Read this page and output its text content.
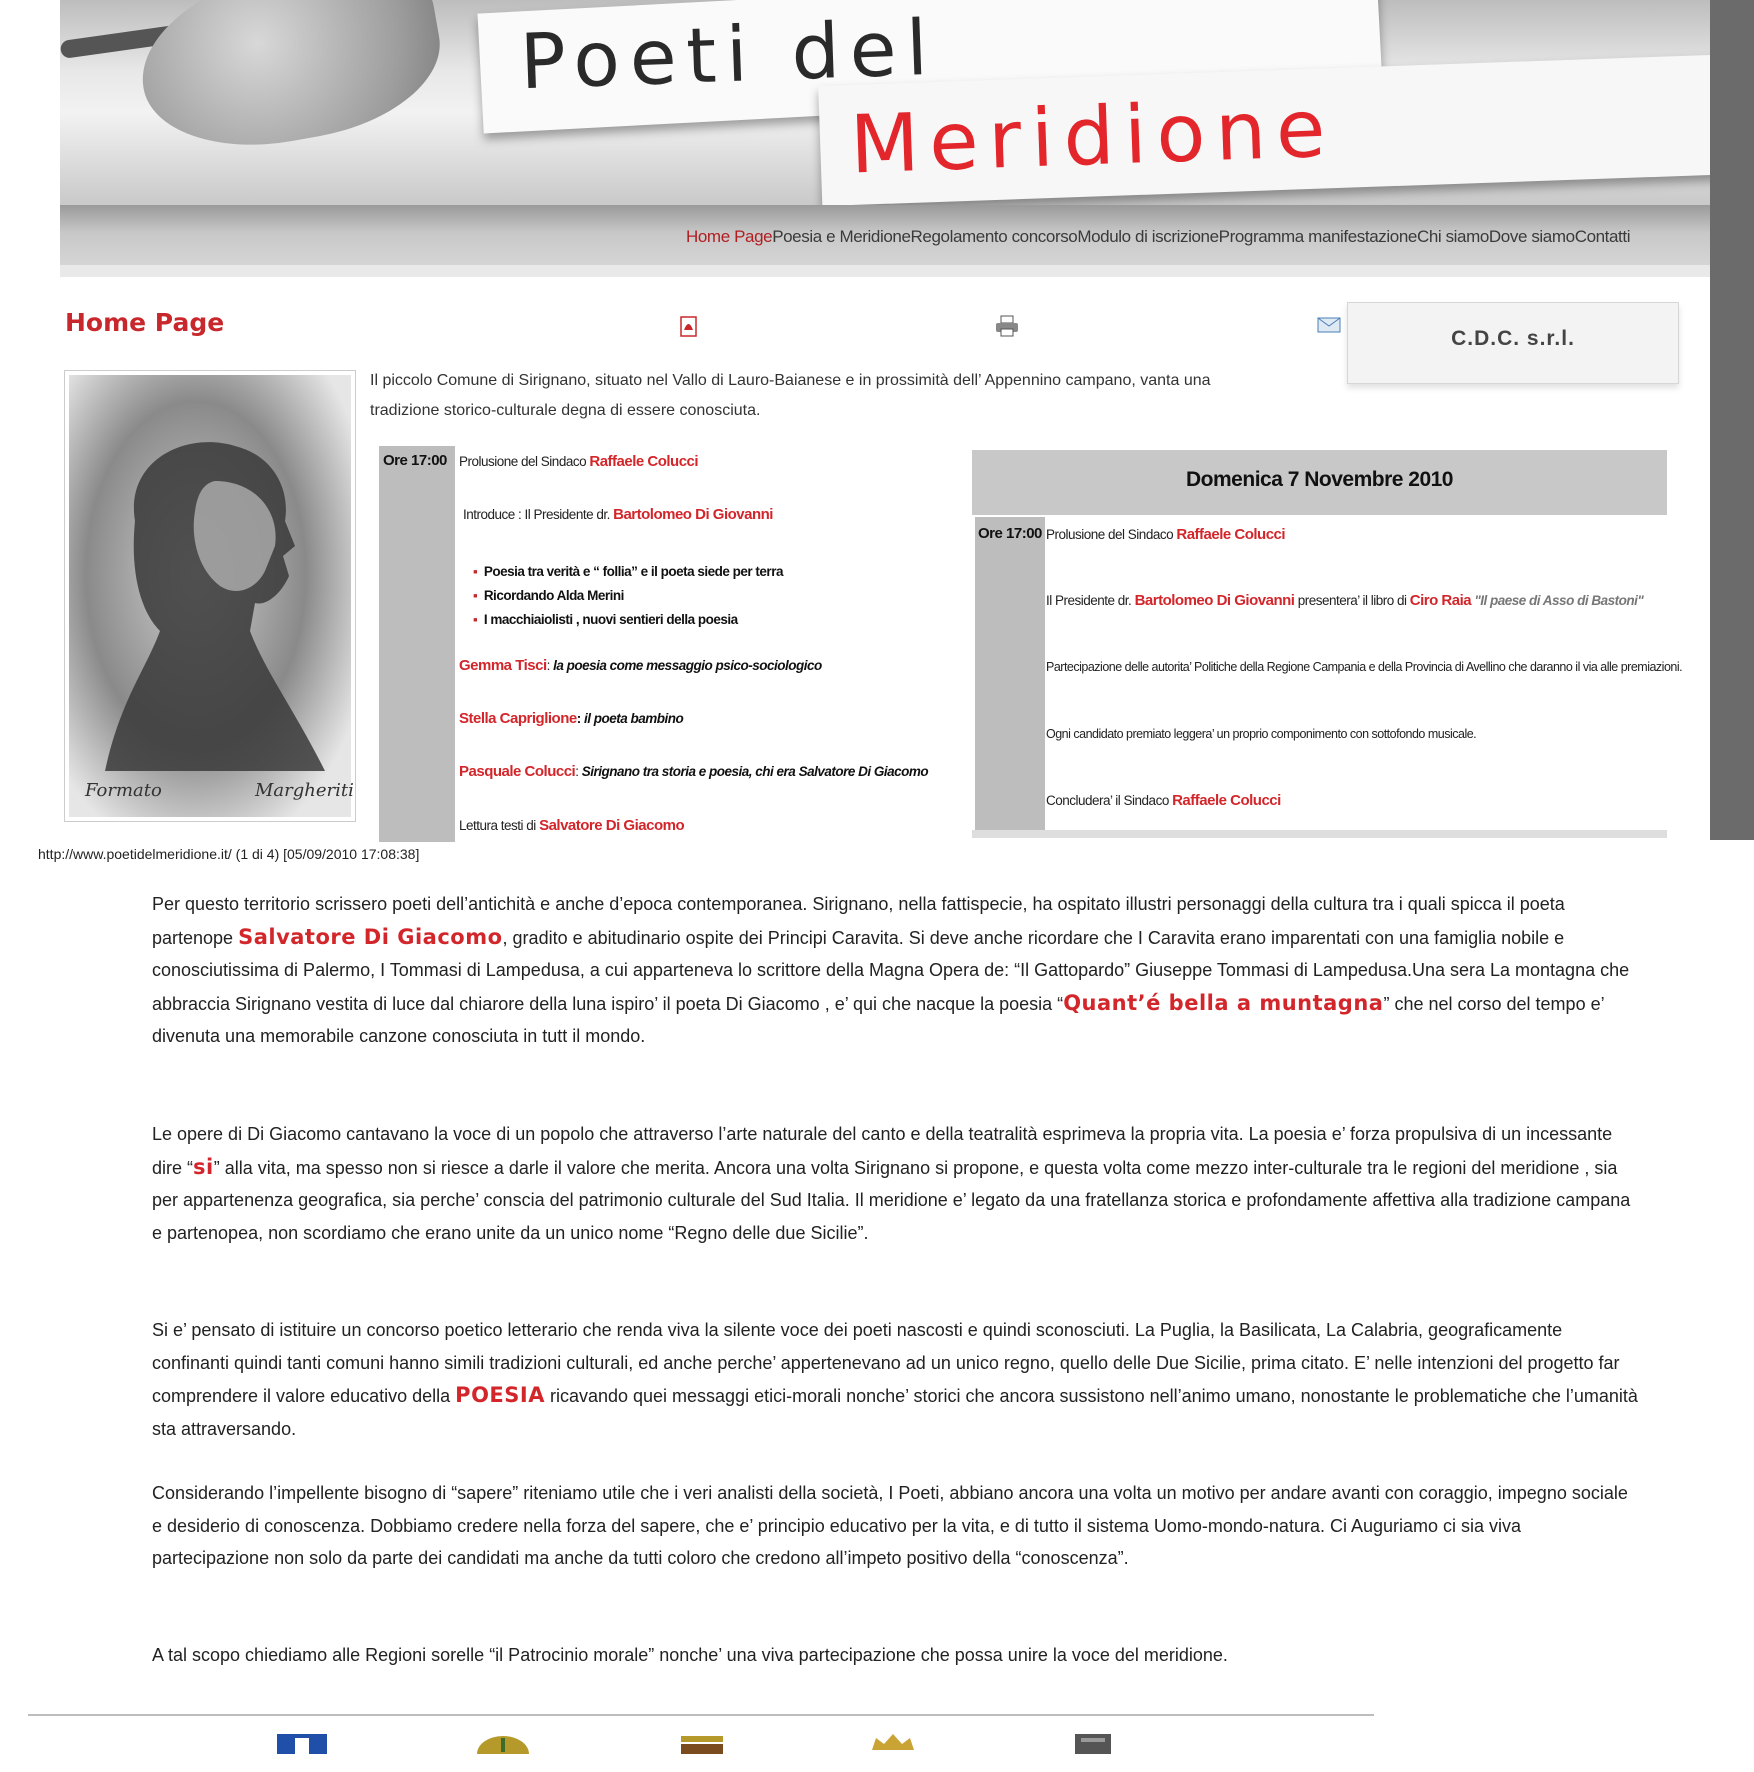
Poeti del
Meridione
Home PagePoesia e MeridioneRegolamento concorsoModulo di iscrizioneProgramma manifestazioneChi siamoDove siamoContatti
Home Page
C.D.C. s.r.l.
Formato	Margheriti
Il piccolo Comune di Sirignano, situato nel Vallo di Lauro-Baianese e in prossimità dell’ Appennino campano, vanta una tradizione storico-culturale degna di essere conosciuta.
Ore 17:00 Prolusione del Sindaco Raffaele Colucci
Introduce : Il Presidente dr. Bartolomeo Di Giovanni
▪ Poesia tra verità e “ follia” e il poeta siede per terra
▪ Ricordando Alda Merini
▪ I macchiaiolisti , nuovi sentieri della poesia
Gemma Tisci: la poesia come messaggio psico-sociologico
Stella Capriglione: il poeta bambino
Pasquale Colucci: Sirignano tra storia e poesia, chi era Salvatore Di Giacomo
Lettura testi di Salvatore Di Giacomo
Domenica 7 Novembre 2010
Ore 17:00 Prolusione del Sindaco Raffaele Colucci
Il Presidente dr. Bartolomeo Di Giovanni presentera’ il libro di Ciro Raia "Il paese di Asso di Bastoni"
Partecipazione delle autorita’ Politiche della Regione Campania e della Provincia di Avellino che daranno il via alle premiazioni.
Ogni candidato premiato leggera’ un proprio componimento con sottofondo musicale.
Concludera’ il Sindaco Raffaele Colucci
http://www.poetidelmeridione.it/ (1 di 4) [05/09/2010 17:08:38]
Per questo territorio scrissero poeti dell’antichità e anche d’epoca contemporanea. Sirignano, nella fattispecie, ha ospitato illustri personaggi della cultura tra i quali spicca il poeta partenope Salvatore Di Giacomo, gradito e abitudinario ospite dei Principi Caravita. Si deve anche ricordare che I Caravita erano imparentati con una famiglia nobile e conosciutissima di Palermo, I Tommasi di Lampedusa, a cui apparteneva lo scrittore della Magna Opera de: “Il Gattopardo” Giuseppe Tommasi di Lampedusa.Una sera La montagna che abbraccia Sirignano vestita di luce dal chiarore della luna ispiro’ il poeta Di Giacomo , e’ qui che nacque la poesia “Quant’é bella a muntagna” che nel corso del tempo e’ divenuta una memorabile canzone conosciuta in tutt il mondo.
Le opere di Di Giacomo cantavano la voce di un popolo che attraverso l’arte naturale del canto e della teatralità esprimeva la propria vita. La poesia e’ forza propulsiva di un incessante dire “si” alla vita, ma spesso non si riesce a darle il valore che merita. Ancora una volta Sirignano si propone, e questa volta come mezzo inter-culturale tra le regioni del meridione , sia per appartenenza geografica, sia perche’ conscia del patrimonio culturale del Sud Italia. Il meridione e’ legato da una fratellanza storica e profondamente affettiva alla tradizione campana e partenopea, non scordiamo che erano unite da un unico nome “Regno delle due Sicilie”.
Si e’ pensato di istituire un concorso poetico letterario che renda viva la silente voce dei poeti nascosti e quindi sconosciuti. La Puglia, la Basilicata, La Calabria, geograficamente confinanti quindi tanti comuni hanno simili tradizioni culturali, ed anche perche’ appertenevano ad un unico regno, quello delle Due Sicilie, prima citato. E’ nelle intenzioni del progetto far comprendere il valore educativo della POESIA ricavando quei messaggi etici-morali nonche’ storici che ancora sussistono nell’animo umano, nonostante le problematiche che l’umanità sta attraversando.
Considerando l’impellente bisogno di “sapere” riteniamo utile che i veri analisti della società, I Poeti, abbiano ancora una volta un motivo per andare avanti con coraggio, impegno sociale e desiderio di conoscenza. Dobbiamo credere nella forza del sapere, che e’ principio educativo per la vita, e di tutto il sistema Uomo-mondo-natura. Ci Auguriamo ci sia viva partecipazione non solo da parte dei candidati ma anche da tutti coloro che credono all’impeto positivo della “conoscenza”.
A tal scopo chiediamo alle Regioni sorelle “il Patrocinio morale” nonche’ una viva partecipazione che possa unire la voce del meridione.
